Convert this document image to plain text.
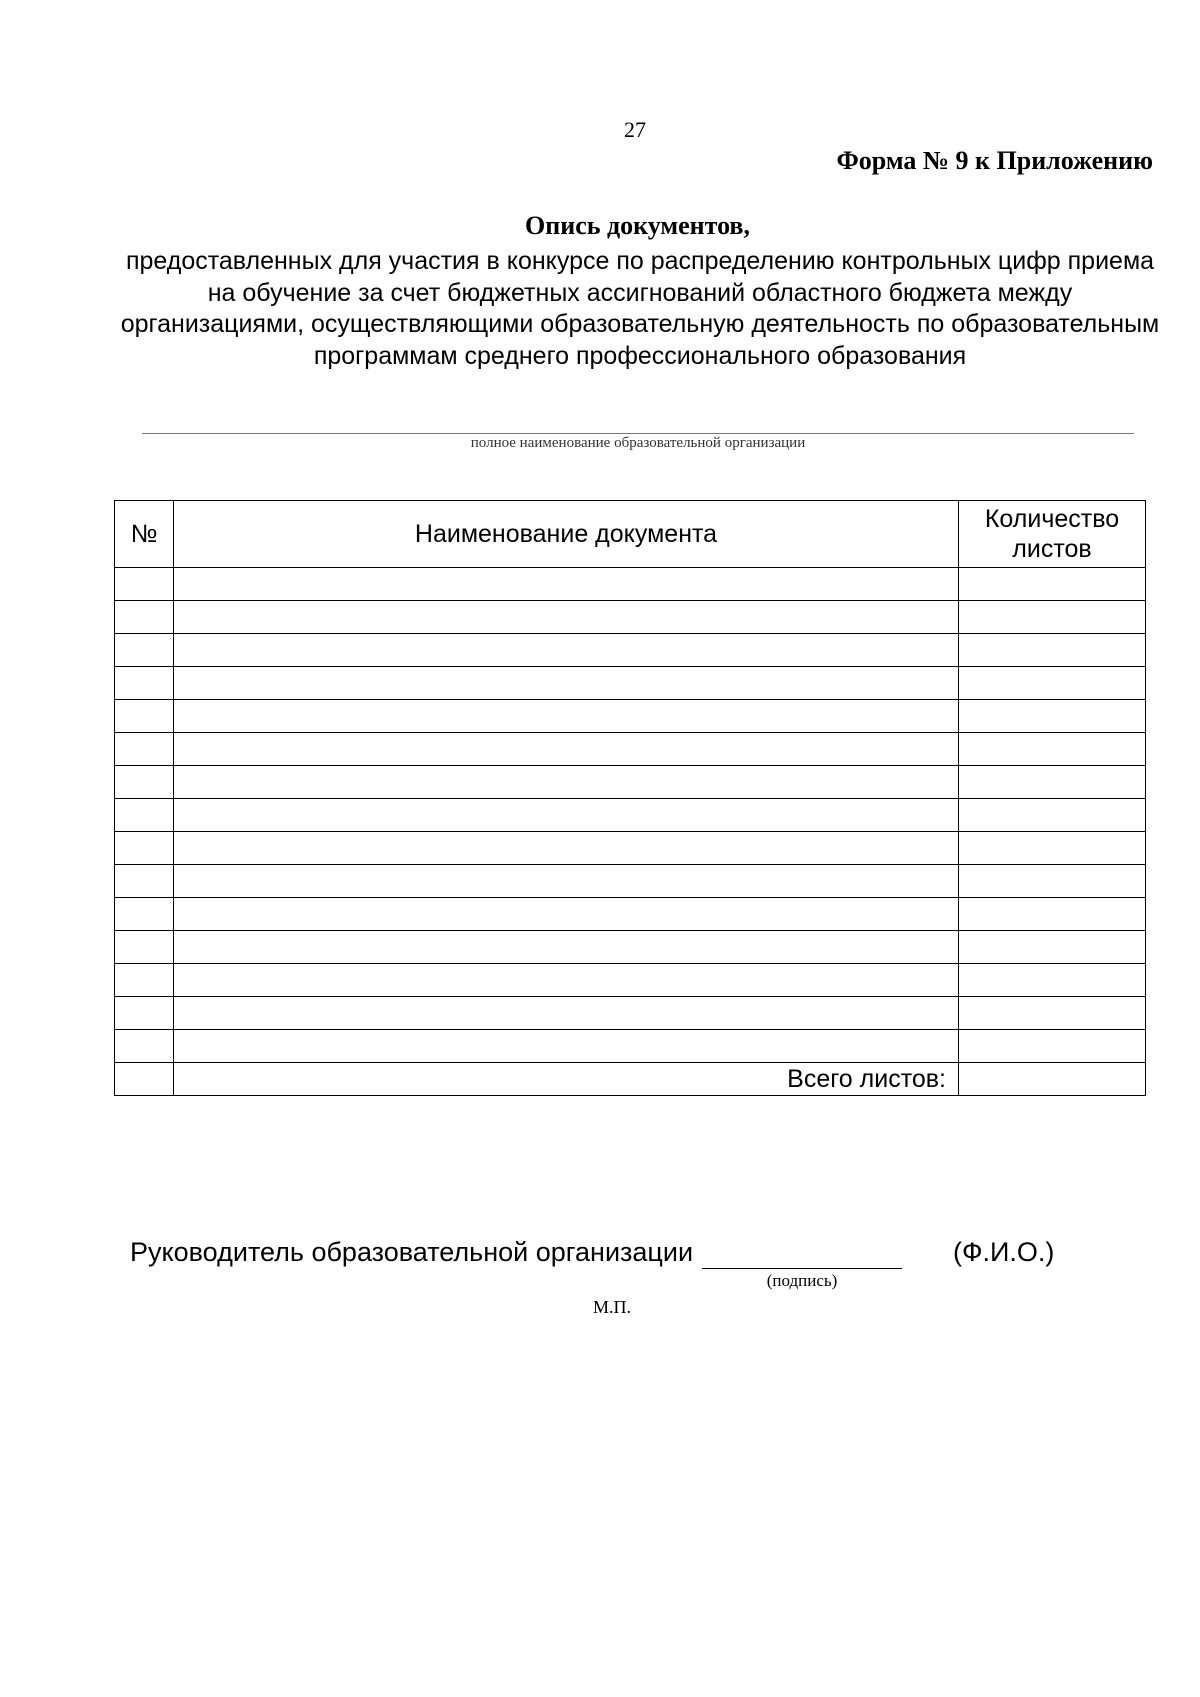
27
Форма № 9 к Приложению
Опись документов,
предоставленных для участия в конкурсе по распределению контрольных цифр приема на обучение за счет бюджетных ассигнований областного бюджета между организациями, осуществляющими образовательную деятельность по образовательным программам среднего профессионального образования
полное наименование образовательной организации
№	Наименование документа	Количество
листов

	Всего листов:	
Руководитель образовательной организации
(подпись)
(Ф.И.О.)
М.П.
